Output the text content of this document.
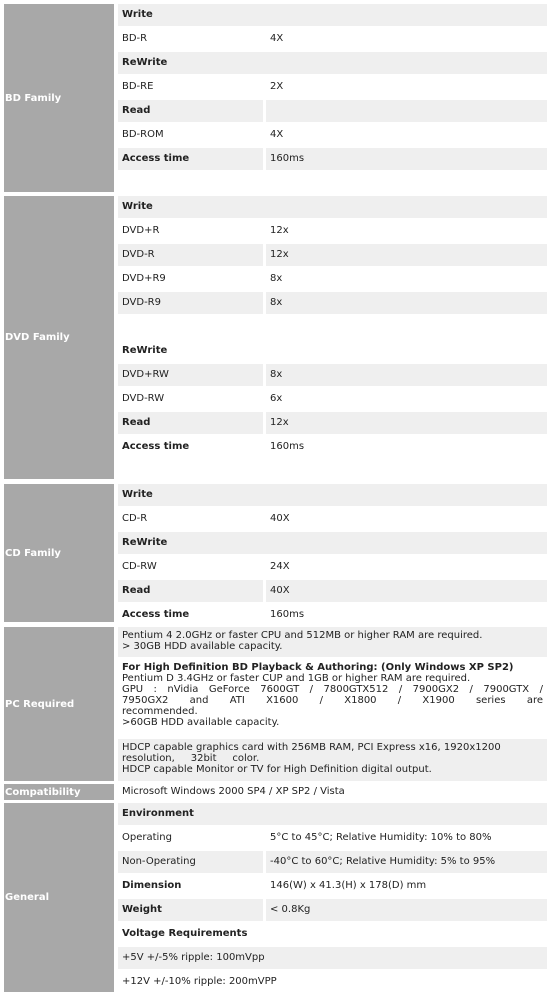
BD Family
Write
BD-R	4X
ReWrite
BD-RE	2X
Read
BD-ROM	4X
Access time	160ms
DVD Family
Write
DVD+R	12x
DVD-R	12x
DVD+R9	8x
DVD-R9	8x
ReWrite
DVD+RW	8x
DVD-RW	6x
Read	12x
Access time	160ms
CD Family
Write
CD-R	40X
ReWrite
CD-RW	24X
Read	40X
Access time	160ms
PC Required
Pentium 4 2.0GHz or faster CPU and 512MB or higher RAM are required.
> 30GB HDD available capacity.
For High Definition BD Playback & Authoring: (Only Windows XP SP2)
Pentium D 3.4GHz or faster CUP and 1GB or higher RAM are required.
GPU : nVidia GeForce 7600GT / 7800GTX512 / 7900GX2 / 7900GTX /
7950GX2 and ATI X1600 / X1800 / X1900 series are
recommended.
>60GB HDD available capacity.
HDCP capable graphics card with 256MB RAM, PCI Express x16, 1920x1200
resolution,     32bit     color.
HDCP capable Monitor or TV for High Definition digital output.
Compatibility	Microsoft Windows 2000 SP4 / XP SP2 / Vista
General
Environment
Operating	5°C to 45°C; Relative Humidity: 10% to 80%
Non-Operating	-40°C to 60°C; Relative Humidity: 5% to 95%
Dimension	146(W) x 41.3(H) x 178(D) mm
Weight	< 0.8Kg
Voltage Requirements
+5V +/-5% ripple: 100mVpp
+12V +/-10% ripple: 200mVPP
